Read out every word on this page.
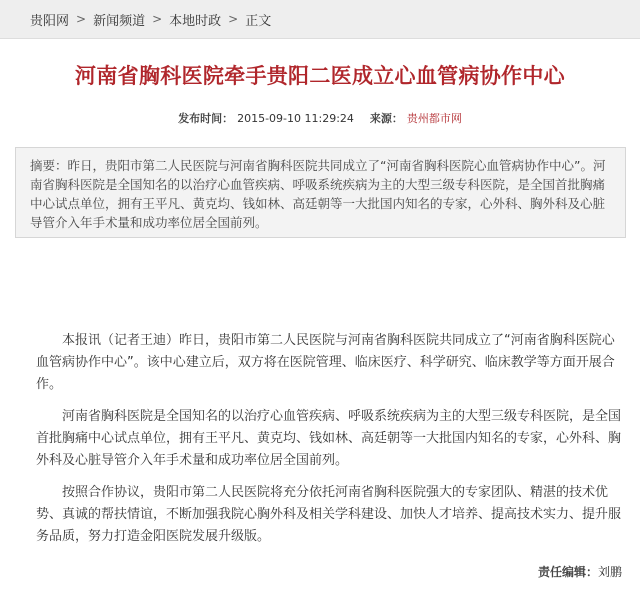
贵阳网 > 新闻频道 > 本地时政 > 正文
河南省胸科医院牵手贵阳二医成立心血管病协作中心
发布时间： 2015-09-10 11:29:24 来源： 贵州都市网
摘要：昨日，贵阳市第二人民医院与河南省胸科医院共同成立了“河南省胸科医院心血管病协作中心”。河南省胸科医院是全国知名的以治疗心血管疾病、呼吸系统疾病为主的大型三级专科医院，是全国首批胸痛中心试点单位，拥有王平凡、黄克均、钱如林、高廷朝等一大批国内知名的专家，心外科、胸外科及心脏导管介入年手术量和成功率位居全国前列。

本报讯（记者王迪）昨日，贵阳市第二人民医院与河南省胸科医院共同成立了“河南省胸科医院心血管病协作中心”。该中心建立后，双方将在医院管理、临床医疗、科学研究、临床教学等方面开展合作。

河南省胸科医院是全国知名的以治疗心血管疾病、呼吸系统疾病为主的大型三级专科医院，是全国首批胸痛中心试点单位，拥有王平凡、黄克均、钱如林、高廷朝等一大批国内知名的专家，心外科、胸外科及心脏导管介入年手术量和成功率位居全国前列。

按照合作协议，贵阳市第二人民医院将充分依托河南省胸科医院强大的专家团队、精湛的技术优势、真诚的帮扶情谊，不断加强我院心胸外科及相关学科建设、加快人才培养、提高技术实力、提升服务品质，努力打造金阳医院发展升级版。

责任编辑：刘鹏
